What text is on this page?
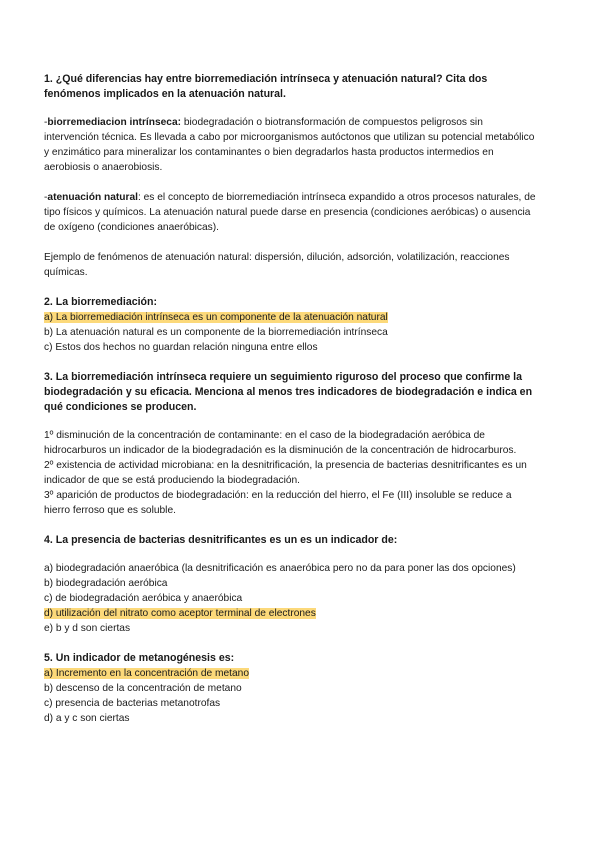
1. ¿Qué diferencias hay entre biorremediación intrínseca y atenuación natural? Cita dos fenómenos implicados en la atenuación natural.
-biorremediacion intrínseca: biodegradación o biotransformación de compuestos peligrosos sin intervención técnica. Es llevada a cabo por microorganismos autóctonos que utilizan su potencial metabólico y enzimático para mineralizar los contaminantes o bien degradarlos hasta productos intermedios en aerobiosis o anaerobiosis.
-atenuación natural: es el concepto de biorremediación intrínseca expandido a otros procesos naturales, de tipo físicos y químicos. La atenuación natural puede darse en presencia (condiciones aeróbicas) o ausencia de oxígeno (condiciones anaeróbicas).
Ejemplo de fenómenos de atenuación natural: dispersión, dilución, adsorción, volatilización, reacciones químicas.
2. La biorremediación:
a) La biorremediación intrínseca es un componente de la atenuación natural
b) La atenuación natural es un componente de la biorremediación intrínseca
c) Estos dos hechos no guardan relación ninguna entre ellos
3. La biorremediación intrínseca requiere un seguimiento riguroso del proceso que confirme la biodegradación y su eficacia. Menciona al menos tres indicadores de biodegradación e indica en qué condiciones se producen.
1º disminución de la concentración de contaminante: en el caso de la biodegradación aeróbica de hidrocarburos un indicador de la biodegradación es la disminución de la concentración de hidrocarburos.
2º existencia de actividad microbiana: en la desnitrificación, la presencia de bacterias desnitrificantes es un indicador de que se está produciendo la biodegradación.
3º aparición de productos de biodegradación: en la reducción del hierro, el Fe (III) insoluble se reduce a hierro ferroso que es soluble.
4. La presencia de bacterias desnitrificantes es un es un indicador de:
a) biodegradación anaeróbica (la desnitrificación es anaeróbica pero no da para poner las dos opciones)
b) biodegradación aeróbica
c) de biodegradación aeróbica y anaeróbica
d) utilización del nitrato como aceptor terminal de electrones
e) b y d son ciertas
5. Un indicador de metanogénesis es:
a) Incremento en la concentración de metano
b) descenso de la concentración de metano
c) presencia de bacterias metanotrofas
d) a y c son ciertas
